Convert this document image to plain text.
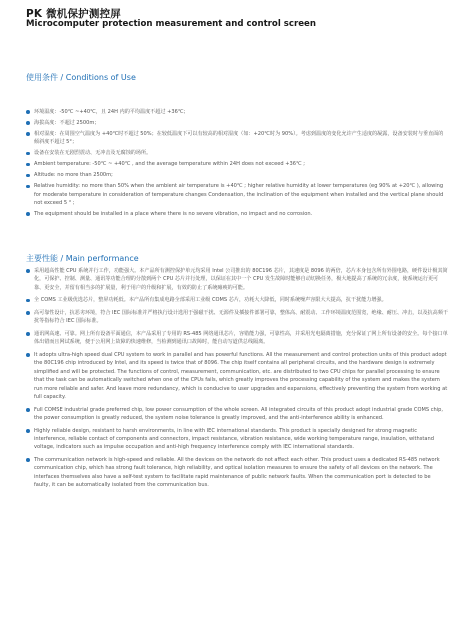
PK 微机保护测控屏
Microcomputer protection measurement and control screen
使用条件 / Conditions of Use
环境温度：-50℃ ~+40℃，且 24H 内的平均温度不超过 +36℃；
海拔高度：不超过 2500m；
相对湿度：在周围空气温度为 +40℃时不超过 50%；在较低温度下可以有较高的相对湿度（如：+20℃时为 90%）。考虑到温度的变化允许产生适度的凝露，设备安装时与垂直面的倾斜度不超过 5°；
设备在安装在无剧烈震动、无冲击及无腐蚀的场所。
Ambient temperature: -50℃ ~ +40℃ , and the average temperature within 24H does not exceed +36℃ ;
Altitude: no more than 2500m;
Relative humidity: no more than 50% when the ambient air temperature is +40℃ ; higher relative humidity at lower temperatures (eg 90% at +20℃ ), allowing for moderate temperature in consideration of temperature changes Condensation, the inclination of the equipment when installed and the vertical plane should not exceed 5 ° ;
The equipment should be installed in a place where there is no severe vibration, no impact and no corrosion.
主要性能 / Main performance
采用超高性能 CPU 系统并行工作，功能强大。本产品所有测控保护单元均采用 Intel 公司推出的 80C196 芯片，其速度是 8096 的两倍，芯片本身包含所有外围电路，硬件设计极其简化，可保护、控制、测量、通讯等功能合理的分散到两个 CPU 芯片并行处理，以保证在其中一个 CPU 发生故障时能够自动切换任务，极大地提高了系统的冗余度，使系统运行更可靠、更安全，并留有相当多的扩展量，利于用户的升级和扩展，有效的防止了系统瘫痪的可能。
全 COMS 工业级优选芯片，整屏功耗低。本产品所有集成电路全部采用工业级 COMS 芯片，功耗大大降低，同时系统噪声容限大大提高，抗干扰能力增强。
高可靠性设计，抗恶劣环境，符合 IEC 国际标准并严格执行设计选用于强磁干扰、无源件及插接件部署可靠，整体高、耐震动、工作环境温度范围宽，绝缘、耐压、冲击，以及抗高频干扰等指标符合 IEC 国际标准。
通讯网高速、可靠。网上所有设备平面通信，本产品采用了专用的 RS-485 网络通讯芯片，容错能力强，可靠性高，并采用光电隔离措施，充分保证了网上所有设备的安全。每个接口单体出错而且网试系统，便于公用网上故障的快速维修，当检测到通讯口故障时，能自动写道供总线隔离。
It adopts ultra-high speed dual CPU system to work in parallel and has powerful functions. All the measurement and control protection units of this product adopt the 80C196 chip introduced by Intel, and its speed is twice that of 8096. The chip itself contains all peripheral circuits, and the hardware design is extremely simplified and will be protected. The functions of control, measurement, communication, etc. are distributed to two CPU chips for parallel processing to ensure that the task can be automatically switched when one of the CPUs fails, which greatly improves the processing capability of the system and makes the system run more reliable and safer. And leave more redundancy, which is conducive to user upgrades and expansions, effectively preventing the system from working at full capacity.
Full COMSE industrial grade preferred chip, low power consumption of the whole screen. All integrated circuits of this product adopt industrial grade COMS chip, the power consumption is greatly reduced, the system noise tolerance is greatly improved, and the anti-interference ability is enhanced.
Highly reliable design, resistant to harsh environments, in line with IEC international standards. This product is specially designed for strong magnetic interference, reliable contact of components and connectors, impact resistance, vibration resistance, wide working temperature range, insulation, withstand voltage, indicators such as impulse occupation and anti-high frequency interference comply with IEC international standards.
The communication network is high-speed and reliable. All the devices on the network do not affect each other. This product uses a dedicated RS-485 network communication chip, which has strong fault tolerance, high reliability, and optical isolation measures to ensure the safety of all devices on the network. The interfaces themselves also have a self-test system to facilitate rapid maintenance of public network faults. When the communication port is detected to be faulty, it can be automatically isolated from the communication bus.
